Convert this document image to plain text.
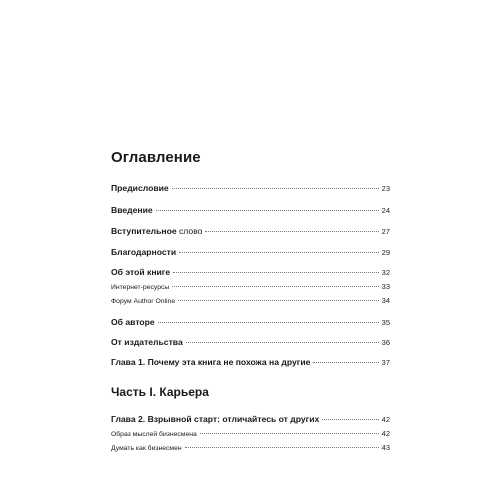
Оглавление
Предисловие	23
Введение	24
Вступительное слово	27
Благодарности	29
Об этой книге	32
Интернет-ресурсы	33
Форум Author Online	34
Об авторе	35
От издательства	36
Глава 1. Почему эта книга не похожа на другие	37
Часть I. Карьера
Глава 2. Взрывной старт: отличайтесь от других	42
Образ мыслей бизнесмена	42
Думать как бизнесмен	43
